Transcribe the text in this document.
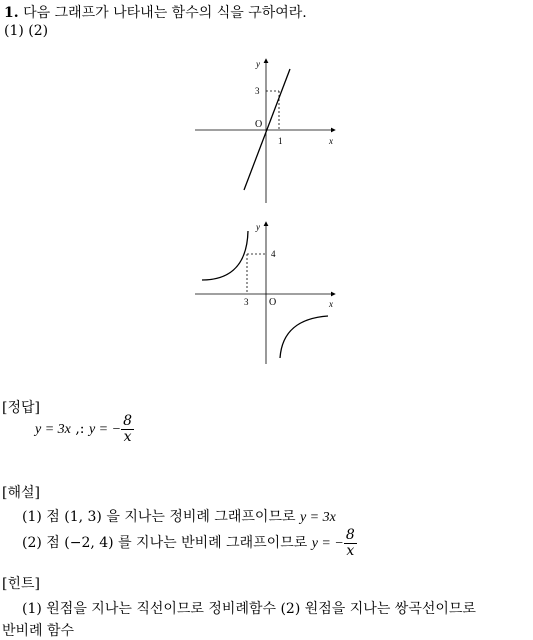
1. 다음 그래프가 나타내는 함수의 식을 구하여라.
(1) (2)
y
x
O
1
3
y
x
O
3
4
[정답]
y = 3x ,: y = − $\frac{8}{x}$
[해설]
(1) 점 (1, 3) 을 지나는 정비례 그래프이므로 y = 3x
(2) 점 (−2, 4) 를 지나는 반비례 그래프이므로 y = − $\frac{8}{x}$
[힌트]
(1) 원점을 지나는 직선이므로 정비례함수 (2) 원점을 지나는 쌍곡선이므로
반비례 함수
